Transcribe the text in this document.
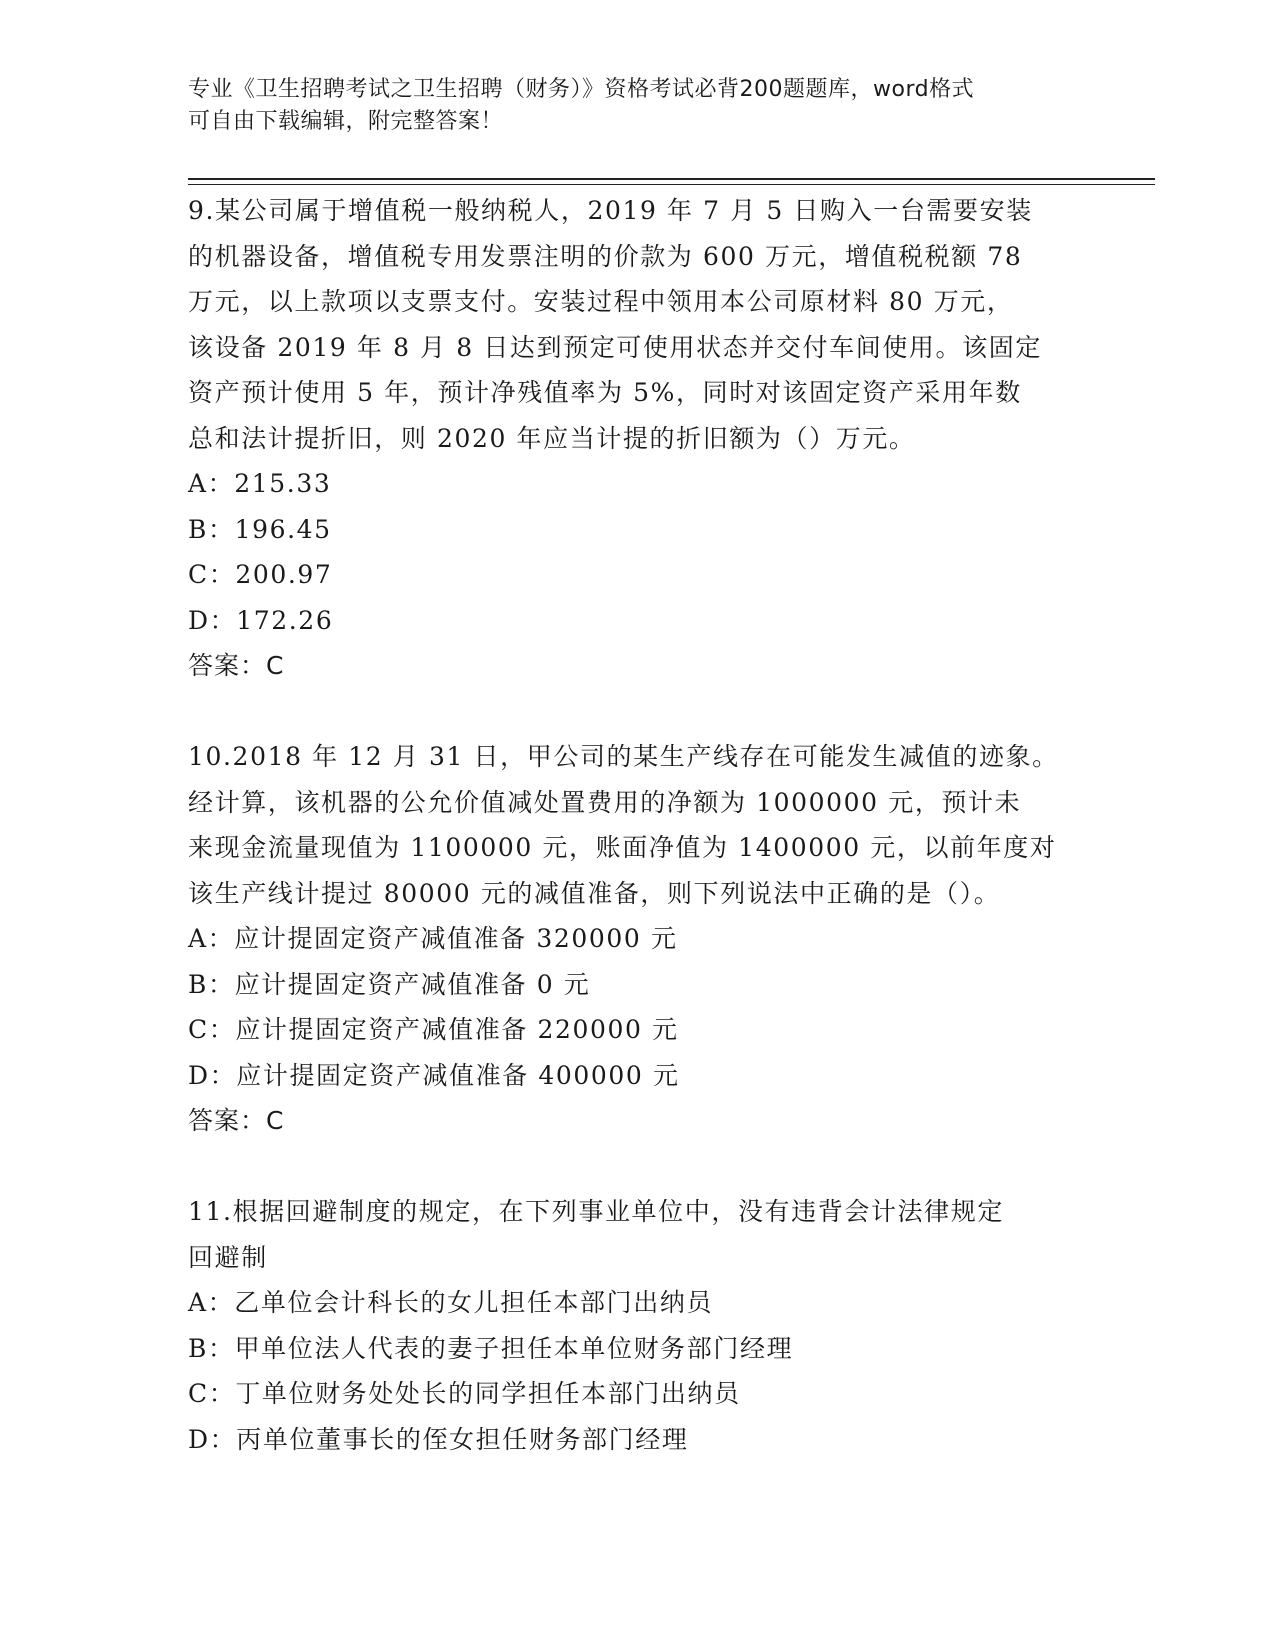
专业《卫生招聘考试之卫生招聘（财务）》资格考试必背200题题库，word格式
可自由下载编辑，附完整答案！
9.某公司属于增值税一般纳税人，2019 年 7 月 5 日购入一台需要安装
的机器设备，增值税专用发票注明的价款为 600 万元，增值税税额 78
万元，以上款项以支票支付。安装过程中领用本公司原材料 80 万元，
该设备 2019 年 8 月 8 日达到预定可使用状态并交付车间使用。该固定
资产预计使用 5 年，预计净残值率为 5%，同时对该固定资产采用年数
总和法计提折旧，则 2020 年应当计提的折旧额为（）万元。
A：215.33
B：196.45
C：200.97
D：172.26
答案：C
10.2018 年 12 月 31 日，甲公司的某生产线存在可能发生减值的迹象。
经计算，该机器的公允价值减处置费用的净额为 1000000 元，预计未
来现金流量现值为 1100000 元，账面净值为 1400000 元，以前年度对
该生产线计提过 80000 元的减值准备，则下列说法中正确的是（）。
A：应计提固定资产减值准备 320000 元
B：应计提固定资产减值准备 0 元
C：应计提固定资产减值准备 220000 元
D：应计提固定资产减值准备 400000 元
答案：C
11.根据回避制度的规定，在下列事业单位中，没有违背会计法律规定
回避制
A：乙单位会计科长的女儿担任本部门出纳员
B：甲单位法人代表的妻子担任本单位财务部门经理
C：丁单位财务处处长的同学担任本部门出纳员
D：丙单位董事长的侄女担任财务部门经理
